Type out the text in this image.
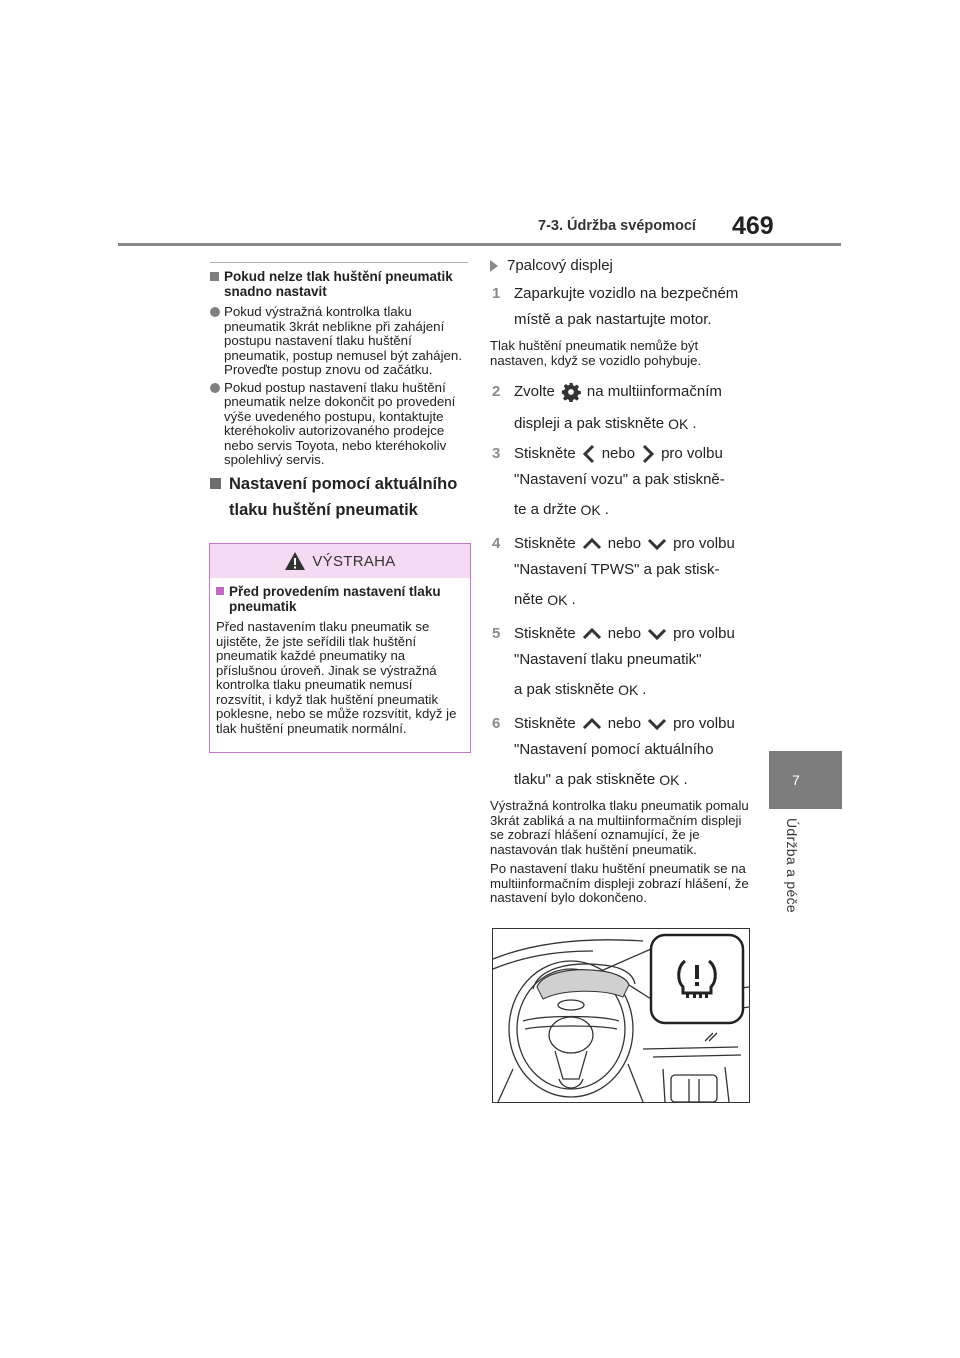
7-3. Údržba svépomocí 469
7
Údržba a péče
Pokud nelze tlak huštění pneumatik snadno nastavit
Pokud výstražná kontrolka tlaku pneumatik 3krát neblikne při zahájení postupu nastavení tlaku huštění pneumatik, postup nemusel být zahájen. Proveďte postup znovu od začátku.
Pokud postup nastavení tlaku huštění pneumatik nelze dokončit po provedení výše uvedeného postupu, kontaktujte kteréhokoliv autorizovaného prodejce nebo servis Toyota, nebo kteréhokoliv spolehlivý servis.
Nastavení pomocí aktuálního tlaku huštění pneumatik
VÝSTRAHA
Před provedením nastavení tlaku pneumatik
Před nastavením tlaku pneumatik se ujistěte, že jste seřídili tlak huštění pneumatik každé pneumatiky na příslušnou úroveň. Jinak se výstražná kontrolka tlaku pneumatik nemusí rozsvítit, i když tlak huštění pneumatik poklesne, nebo se může rozsvítit, když je tlak huštění pneumatik normální.
7palcový displej
1 Zaparkujte vozidlo na bezpečném
místě a pak nastartujte motor.
Tlak huštění pneumatik nemůže být nastaven, když se vozidlo pohybuje.
2 Zvolte na multiinformačním
displeji a pak stiskněte OK .
3 Stiskněte nebo pro volbu
"Nastavení vozu" a pak stiskně-
te a držte OK .
4 Stiskněte nebo pro volbu
"Nastavení TPWS" a pak stisk-
něte OK .
5 Stiskněte nebo pro volbu
"Nastavení tlaku pneumatik"
a pak stiskněte OK .
6 Stiskněte nebo pro volbu
"Nastavení pomocí aktuálního
tlaku" a pak stiskněte OK .
Výstražná kontrolka tlaku pneumatik pomalu 3krát zabliká a na multiinformačním displeji se zobrazí hlášení oznamující, že je nastavován tlak huštění pneumatik.
Po nastavení tlaku huštění pneumatik se na multiinformačním displeji zobrazí hlášení, že nastavení bylo dokončeno.
